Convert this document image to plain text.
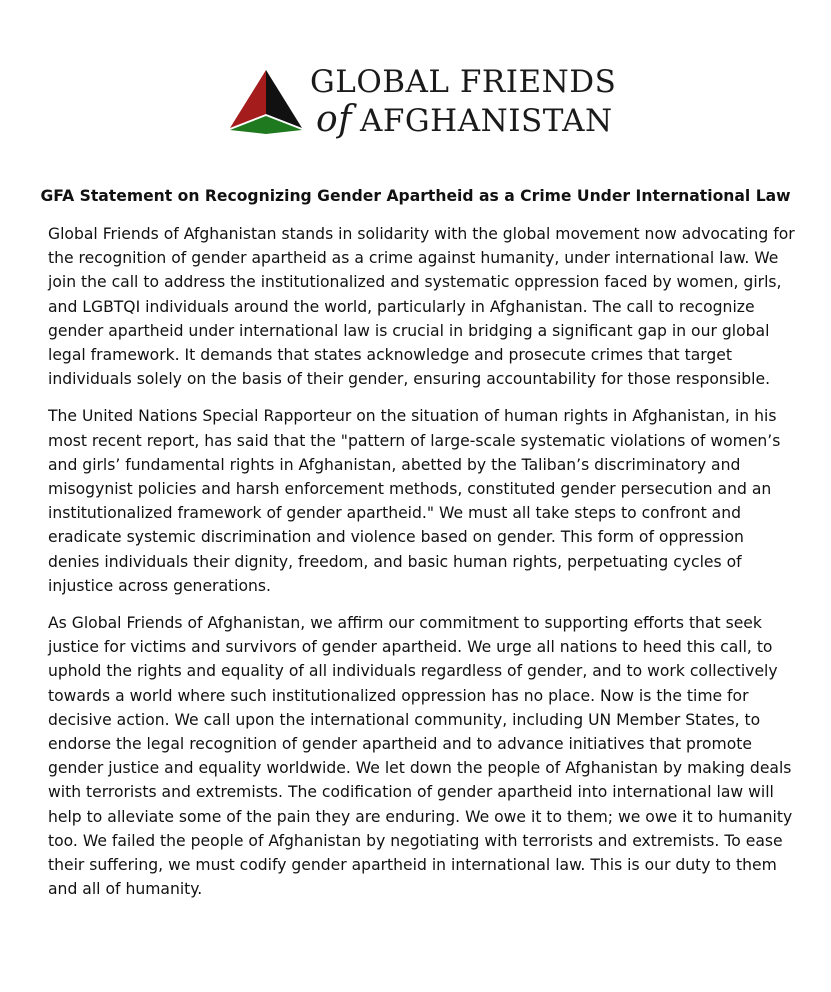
GLOBAL FRIENDS
of AFGHANISTAN
GFA Statement on Recognizing Gender Apartheid as a Crime Under International Law

Global Friends of Afghanistan stands in solidarity with the global movement now advocating for the recognition of gender apartheid as a crime against humanity, under international law. We join the call to address the institutionalized and systematic oppression faced by women, girls, and LGBTQI individuals around the world, particularly in Afghanistan. The call to recognize gender apartheid under international law is crucial in bridging a significant gap in our global legal framework. It demands that states acknowledge and prosecute crimes that target individuals solely on the basis of their gender, ensuring accountability for those responsible.

The United Nations Special Rapporteur on the situation of human rights in Afghanistan, in his most recent report, has said that the "pattern of large-scale systematic violations of women’s and girls’ fundamental rights in Afghanistan, abetted by the Taliban’s discriminatory and misogynist policies and harsh enforcement methods, constituted gender persecution and an institutionalized framework of gender apartheid." We must all take steps to confront and eradicate systemic discrimination and violence based on gender. This form of oppression denies individuals their dignity, freedom, and basic human rights, perpetuating cycles of injustice across generations.

As Global Friends of Afghanistan, we affirm our commitment to supporting efforts that seek justice for victims and survivors of gender apartheid. We urge all nations to heed this call, to uphold the rights and equality of all individuals regardless of gender, and to work collectively towards a world where such institutionalized oppression has no place. Now is the time for decisive action. We call upon the international community, including UN Member States, to endorse the legal recognition of gender apartheid and to advance initiatives that promote gender justice and equality worldwide. We let down the people of Afghanistan by making deals with terrorists and extremists. The codification of gender apartheid into international law will help to alleviate some of the pain they are enduring. We owe it to them; we owe it to humanity too. We failed the people of Afghanistan by negotiating with terrorists and extremists. To ease their suffering, we must codify gender apartheid in international law. This is our duty to them and all of humanity.
